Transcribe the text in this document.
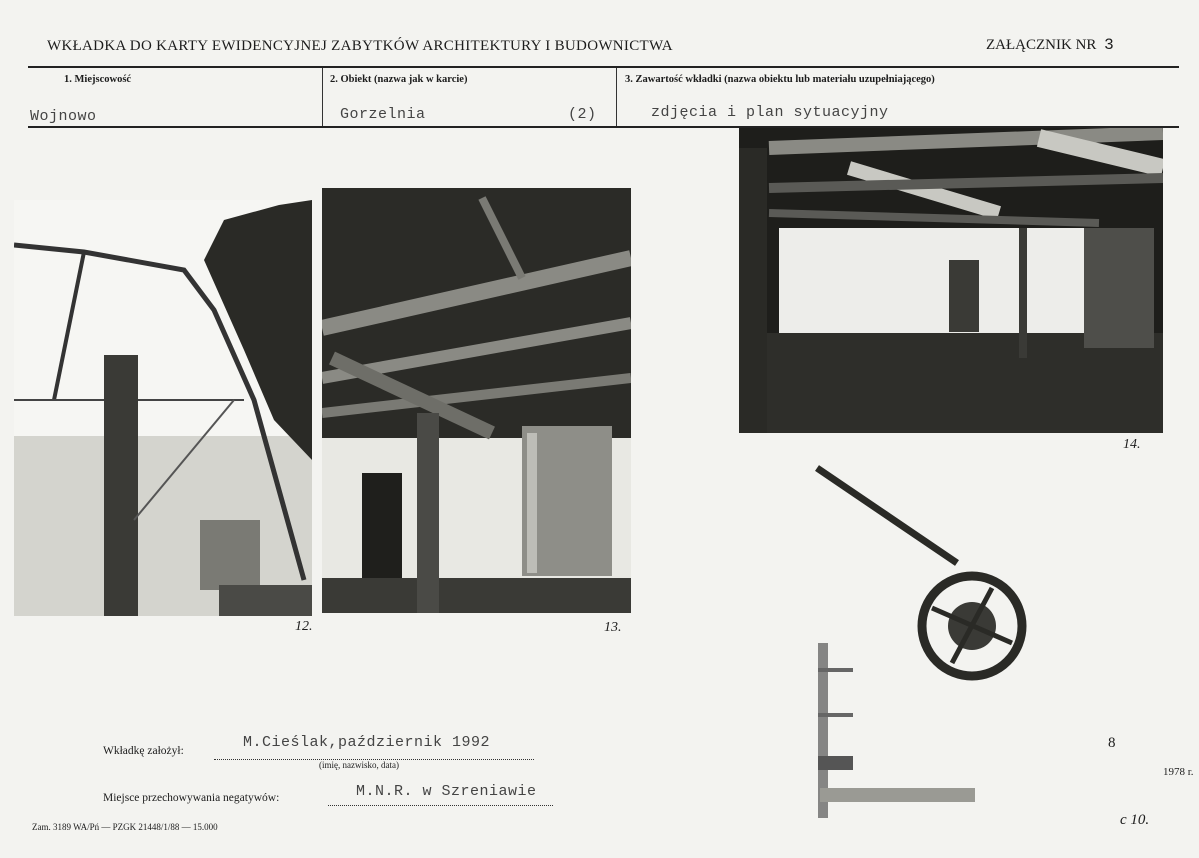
WKŁADKA DO KARTY EWIDENCYJNEJ ZABYTKÓW ARCHITEKTURY I BUDOWNICTWA	ZAŁĄCZNIK NR 3
1. Miejscowość	2. Obiekt (nazwa jak w karcie)	3. Zawartość wkładki (nazwa obiektu lub materiału uzupełniającego)
Wojnowo	Gorzelnia	(2)	zdjęcia i plan sytuacyjny
12.	13.
14.
Wkładkę założył:	M.Cieślak,październik 1992
(imię, nazwisko, data)
Miejsce przechowywania negatywów:	M.N.R. w Szreniawie
1978 r.
8
c 10.
Zam. 3189 WA/Pń — PZGK 21448/1/88 — 15.000
